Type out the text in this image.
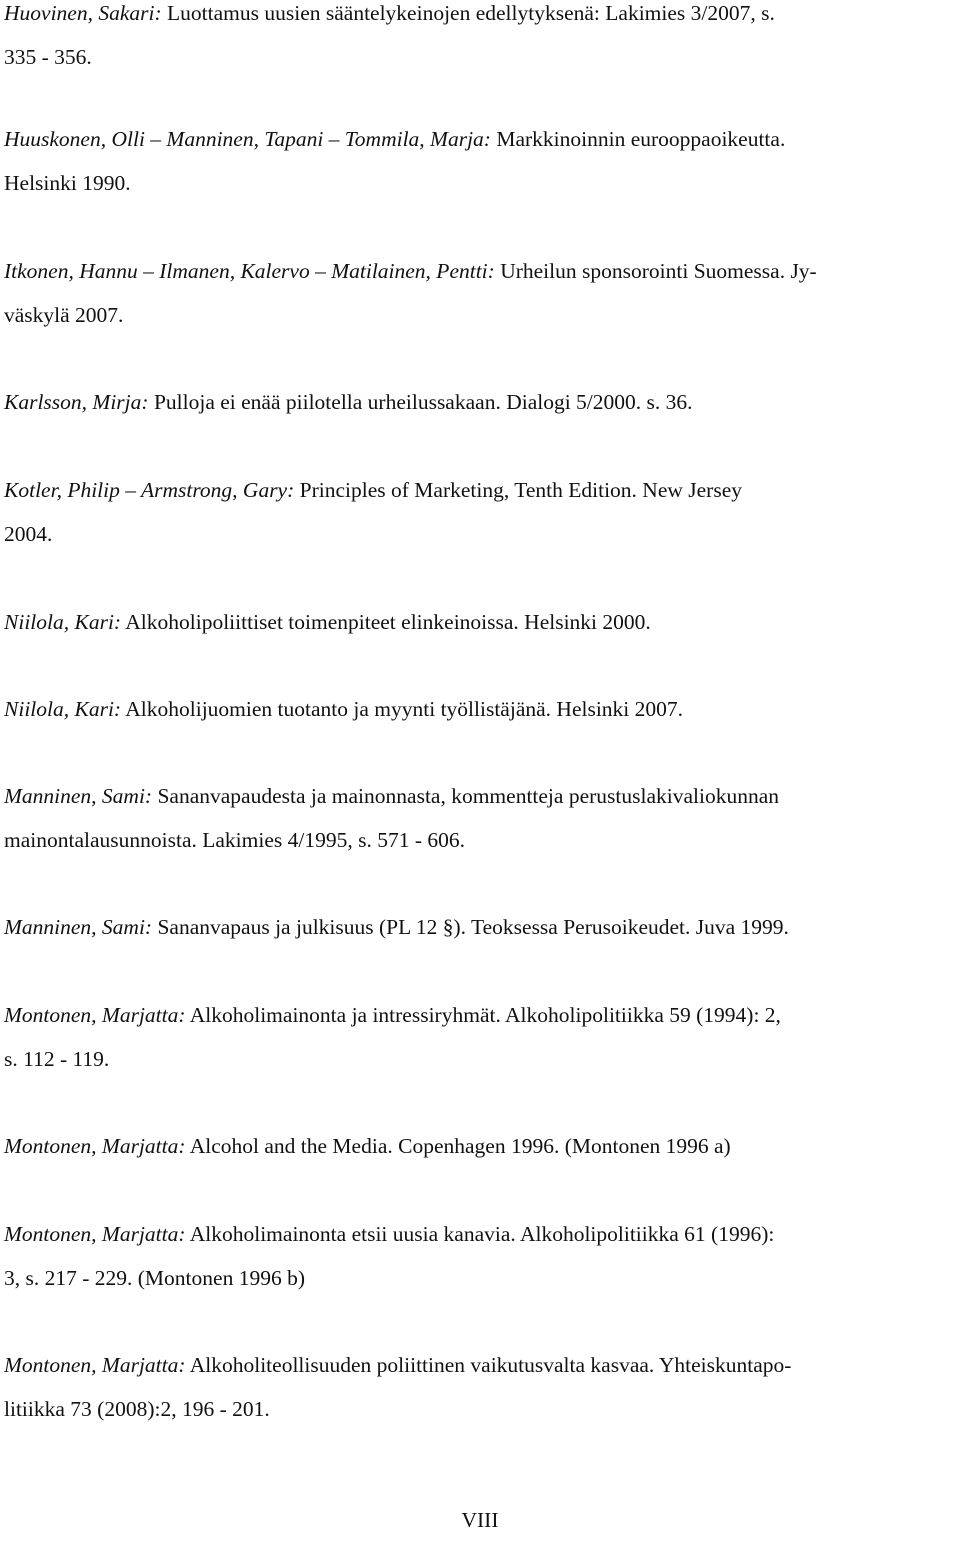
Huovinen, Sakari: Luottamus uusien sääntelykeinojen edellytyksenä: Lakimies 3/2007, s.
335 - 356.
Huuskonen, Olli – Manninen, Tapani – Tommila, Marja: Markkinoinnin eurooppaoikeutta.
Helsinki 1990.
Itkonen, Hannu – Ilmanen, Kalervo – Matilainen, Pentti: Urheilun sponsorointi Suomessa. Jy-
väskylä 2007.
Karlsson, Mirja: Pulloja ei enää piilotella urheilussakaan. Dialogi 5/2000. s. 36.
Kotler, Philip – Armstrong, Gary: Principles of Marketing, Tenth Edition. New Jersey
2004.
Niilola, Kari: Alkoholipoliittiset toimenpiteet elinkeinoissa. Helsinki 2000.
Niilola, Kari: Alkoholijuomien tuotanto ja myynti työllistäjänä. Helsinki 2007.
Manninen, Sami: Sananvapaudesta ja mainonnasta, kommentteja perustuslakivaliokunnan
mainontalausunnoista. Lakimies 4/1995, s. 571 - 606.
Manninen, Sami: Sananvapaus ja julkisuus (PL 12 §). Teoksessa Perusoikeudet. Juva 1999.
Montonen, Marjatta: Alkoholimainonta ja intressiryhmät. Alkoholipolitiikka 59 (1994): 2,
s. 112 - 119.
Montonen, Marjatta: Alcohol and the Media. Copenhagen 1996. (Montonen 1996 a)
Montonen, Marjatta: Alkoholimainonta etsii uusia kanavia. Alkoholipolitiikka 61 (1996):
3, s. 217 - 229. (Montonen 1996 b)
Montonen, Marjatta: Alkoholiteollisuuden poliittinen vaikutusvalta kasvaa. Yhteiskuntapo-
litiikka 73 (2008):2, 196 - 201.
VIII
